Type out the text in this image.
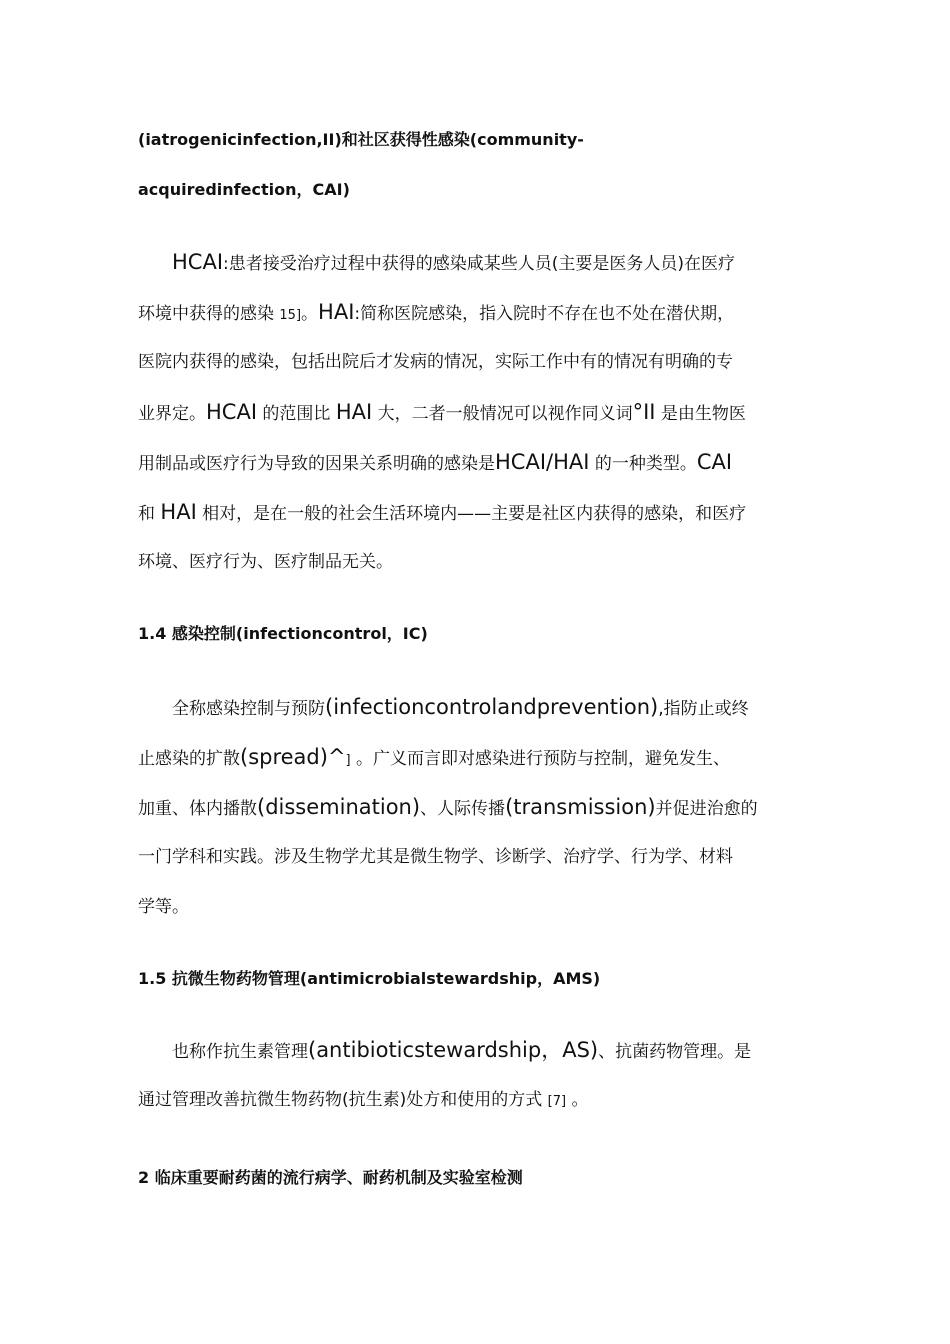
(iatrogenicinfection,II)和社区获得性感染(community-
acquiredinfection，CAI)
HCAI:患者接受治疗过程中获得的感染咸某些人员(主要是医务人员)在医疗
环境中获得的感染 15]。HAI:简称医院感染，指入院时不存在也不处在潜伏期，
医院内获得的感染，包括出院后才发病的情况，实际工作中有的情况有明确的专
业界定。HCAI 的范围比 HAI 大，二者一般情况可以视作同义词°II 是由生物医
用制品或医疗行为导致的因果关系明确的感染是HCAI/HAI 的一种类型。CAI
和 HAI 相对，是在一般的社会生活环境内——主要是社区内获得的感染，和医疗
环境、医疗行为、医疗制品无关。
1.4 感染控制(infectioncontrol，IC)
全称感染控制与预防(infectioncontrolandprevention),指防止或终
止感染的扩散(spread)^] 。广义而言即对感染进行预防与控制，避免发生、
加重、体内播散(dissemination)、人际传播(transmission)并促进治愈的
一门学科和实践。涉及生物学尤其是微生物学、诊断学、治疗学、行为学、材料
学等。
1.5 抗微生物药物管理(antimicrobialstewardship，AMS)
也称作抗生素管理(antibioticstewardship，AS)、抗菌药物管理。是
通过管理改善抗微生物药物(抗生素)处方和使用的方式 [7] 。
2 临床重要耐药菌的流行病学、耐药机制及实验室检测
